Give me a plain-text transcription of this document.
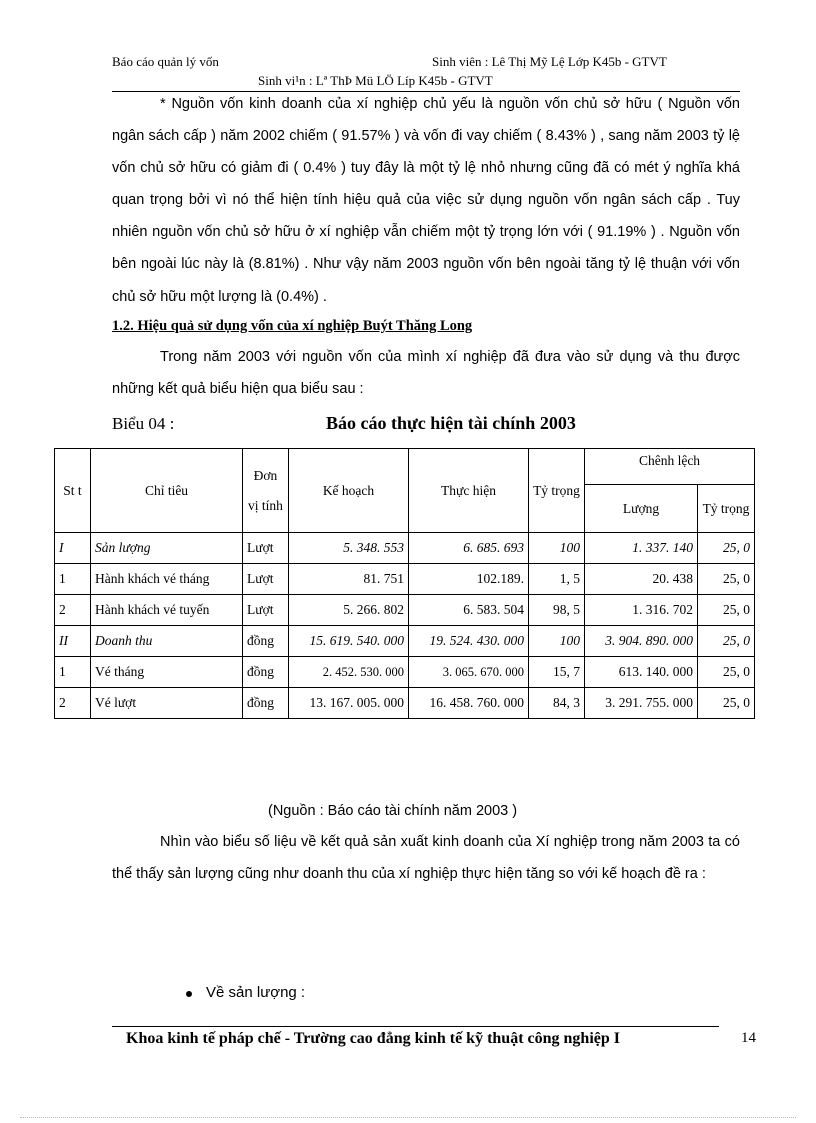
Báo cáo quản lý vốn	Sinh viên : Lê Thị Mỹ Lệ Lớp K45b - GTVT
Sinh vi¹n : Lª ThÞ Mü LÖ Líp K45b - GTVT
* Nguồn vốn kinh doanh của xí nghiệp chủ yếu là nguồn vốn chủ sở hữu ( Nguồn vốn ngân sách cấp ) năm 2002 chiếm ( 91.57% ) và vốn đi vay chiếm ( 8.43% ) , sang năm 2003 tỷ lệ vốn chủ sở hữu có giảm đi ( 0.4% ) tuy đây là một tỷ lệ nhỏ nhưng cũng đã có mét ý nghĩa khá quan trọng bởi vì nó thể hiện tính hiệu quả của việc sử dụng nguồn vốn ngân sách cấp . Tuy nhiên nguồn vốn chủ sở hữu ở xí nghiệp vẫn chiếm một tỷ trọng lớn với ( 91.19% ) . Nguồn vốn bên ngoài lúc này là (8.81%) . Như vậy năm 2003 nguồn vốn bên ngoài tăng tỷ lệ thuận với vốn chủ sở hữu một lượng là (0.4%) .
1.2. Hiệu quả sử dụng vốn của xí nghiệp Buýt Thăng Long
Trong năm 2003 với nguồn vốn của mình xí nghiệp đã đưa vào sử dụng và thu được những kết quả biểu hiện qua biểu sau :
Biểu 04 :	Báo cáo thực hiện tài chính 2003
St t	Chỉ tiêu	Đơn vị tính	Kế hoạch	Thực hiện	Tỷ trọng	Chênh lệch	
						Lượng	Tỷ trọng
I	Sản lượng	Lượt	5. 348. 553	6. 685. 693	100	1. 337. 140	25, 0
1	Hành khách vé tháng	Lượt	81. 751	102.189.	1, 5	20. 438	25, 0
2	Hành khách vé tuyến	Lượt	5. 266. 802	6. 583. 504	98, 5	1. 316. 702	25, 0
II	Doanh thu	đồng	15. 619. 540. 000	19. 524. 430. 000	100	3. 904. 890. 000	25, 0
1	Vé tháng	đồng	2. 452. 530. 000	3. 065. 670. 000	15, 7	613. 140. 000	25, 0
2	Vé lượt	đồng	13. 167. 005. 000	16. 458. 760. 000	84, 3	3. 291. 755. 000	25, 0
(Nguồn : Báo cáo tài chính năm 2003 )
Nhìn vào biểu số liệu về kết quả sản xuất kinh doanh của Xí nghiệp trong năm 2003 ta có thể thấy sản lượng cũng như doanh thu của xí nghiệp thực hiện tăng so với kế hoạch đề ra :
Về sản lượng :
Khoa kinh tế pháp chế - Trường cao đẳng kinh tế kỹ thuật công nghiệp I	14
